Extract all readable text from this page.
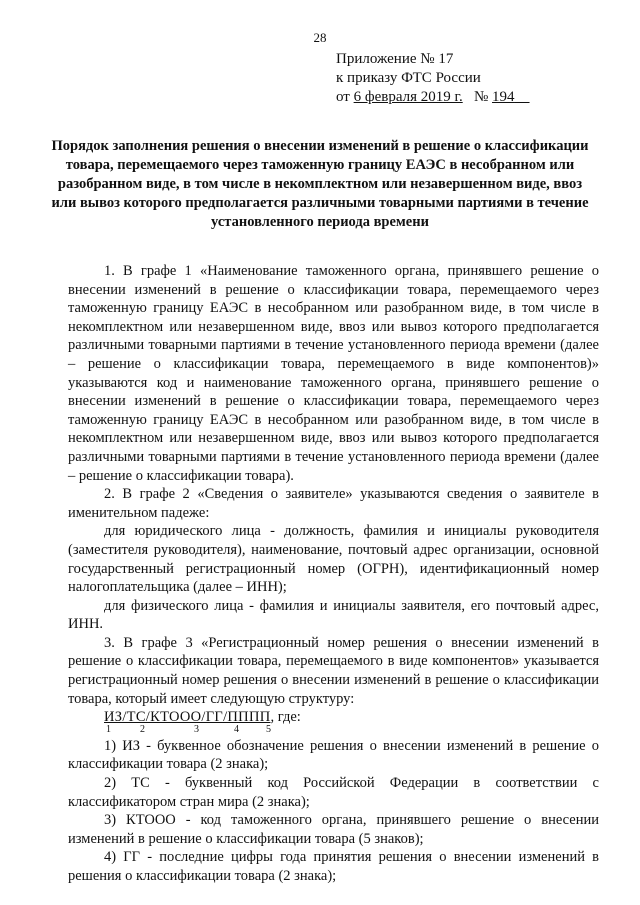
28
Приложение № 17
к приказу ФТС России
от 6 февраля 2019 г. № 194
Порядок заполнения решения о внесении изменений в решение о классификации товара, перемещаемого через таможенную границу ЕАЭС в несобранном или разобранном виде, в том числе в некомплектном или незавершенном виде, ввоз или вывоз которого предполагается различными товарными партиями в течение установленного периода времени

1. В графе 1 «Наименование таможенного органа, принявшего решение о внесении изменений в решение о классификации товара, перемещаемого через таможенную границу ЕАЭС в несобранном или разобранном виде, в том числе в некомплектном или незавершенном виде, ввоз или вывоз которого предполагается различными товарными партиями в течение установленного периода времени (далее – решение о классификации товара, перемещаемого в виде компонентов)» указываются код и наименование таможенного органа, принявшего решение о внесении изменений в решение о классификации товара, перемещаемого через таможенную границу ЕАЭС в несобранном или разобранном виде, в том числе в некомплектном или незавершенном виде, ввоз или вывоз которого предполагается различными товарными партиями в течение установленного периода времени (далее – решение о классификации товара).

2. В графе 2 «Сведения о заявителе» указываются сведения о заявителе в именительном падеже:

для юридического лица - должность, фамилия и инициалы руководителя (заместителя руководителя), наименование, почтовый адрес организации, основной государственный регистрационный номер (ОГРН), идентификационный номер налогоплательщика (далее – ИНН);

для физического лица - фамилия и инициалы заявителя, его почтовый адрес, ИНН.

3. В графе 3 «Регистрационный номер решения о внесении изменений в решение о классификации товара, перемещаемого в виде компонентов» указывается регистрационный номер решения о внесении изменений в решение о классификации товара, который имеет следующую структуру:

ИЗ/ТС/КТООО/ГГ/ПППП, где:
1	2	3	4	5

1) ИЗ - буквенное обозначение решения о внесении изменений в решение о классификации товара (2 знака);

2) ТС - буквенный код Российской Федерации в соответствии с классификатором стран мира (2 знака);

3) КТООО - код таможенного органа, принявшего решение о внесении изменений в решение о классификации товара (5 знаков);

4) ГГ - последние цифры года принятия решения о внесении изменений в решения о классификации товара (2 знака);
